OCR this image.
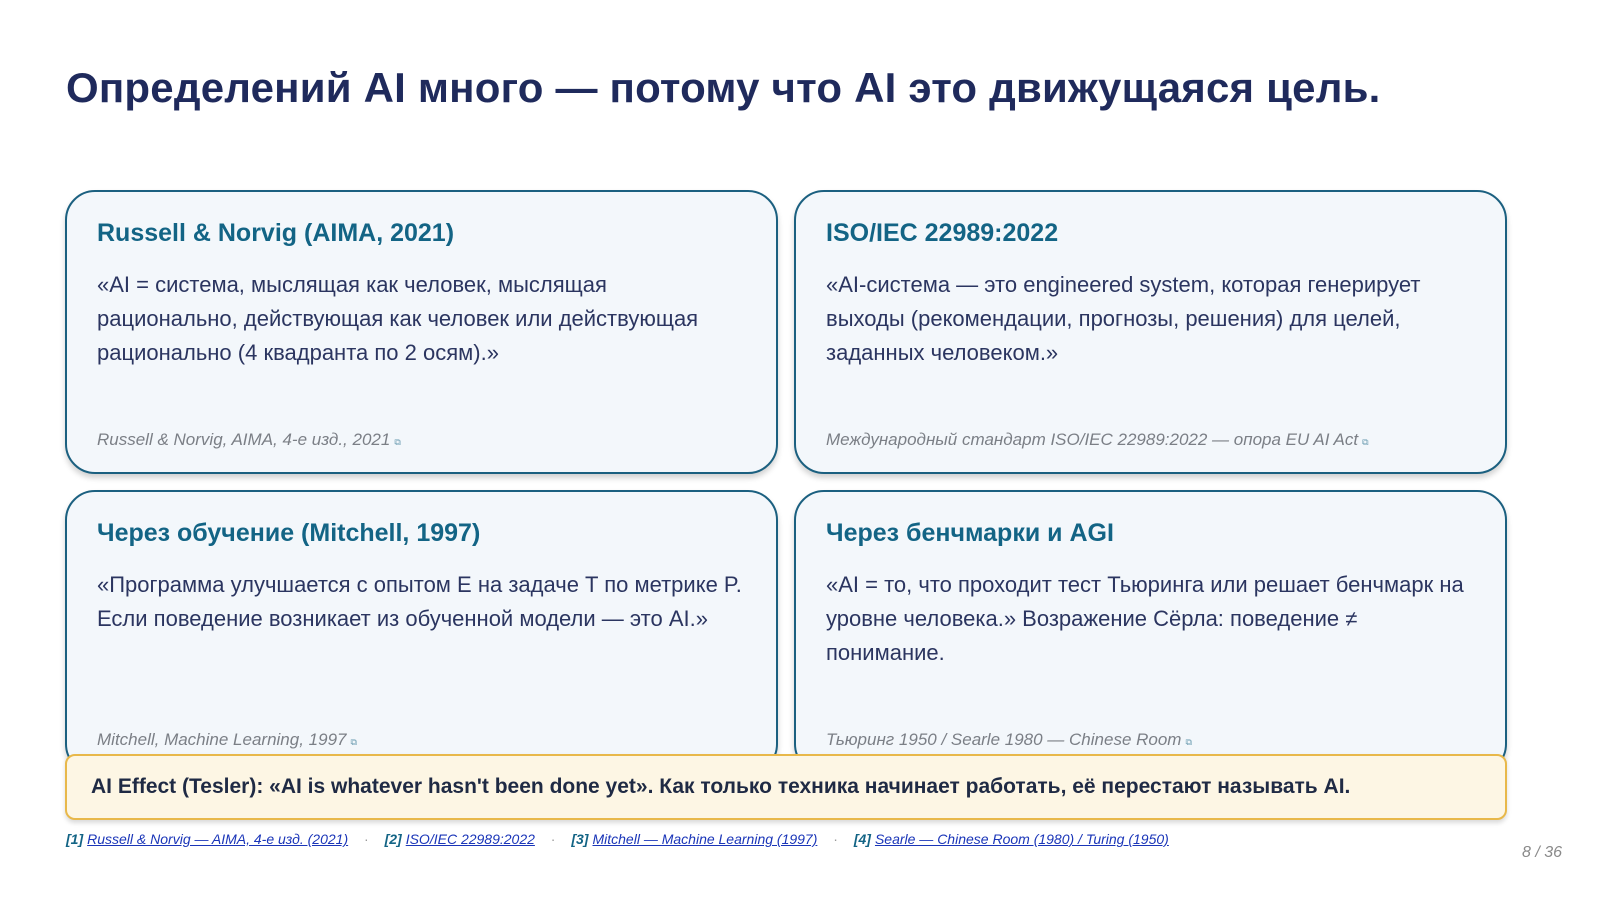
Определений AI много — потому что AI это движущаяся цель.
Russell & Norvig (AIMA, 2021)

«AI = система, мыслящая как человек, мыслящая рационально, действующая как человек или действующая рационально (4 квадранта по 2 осям).»

Russell & Norvig, AIMA, 4-е изд., 2021 ⧉
ISO/IEC 22989:2022

«AI-система — это engineered system, которая генерирует выходы (рекомендации, прогнозы, решения) для целей, заданных человеком.»

Международный стандарт ISO/IEC 22989:2022 — опора EU AI Act ⧉
Через обучение (Mitchell, 1997)

«Программа улучшается с опытом E на задаче T по метрике P. Если поведение возникает из обученной модели — это AI.»

Mitchell, Machine Learning, 1997 ⧉
Через бенчмарки и AGI

«AI = то, что проходит тест Тьюринга или решает бенчмарк на уровне человека.» Возражение Сёрла: поведение ≠ понимание.

Тьюринг 1950 / Searle 1980 — Chinese Room ⧉
AI Effect (Tesler): «AI is whatever hasn't been done yet». Как только техника начинает работать, её перестают называть AI.
[1] Russell & Norvig — AIMA, 4-е изд. (2021) · [2] ISO/IEC 22989:2022 · [3] Mitchell — Machine Learning (1997) · [4] Searle — Chinese Room (1980) / Turing (1950)
8 / 36
